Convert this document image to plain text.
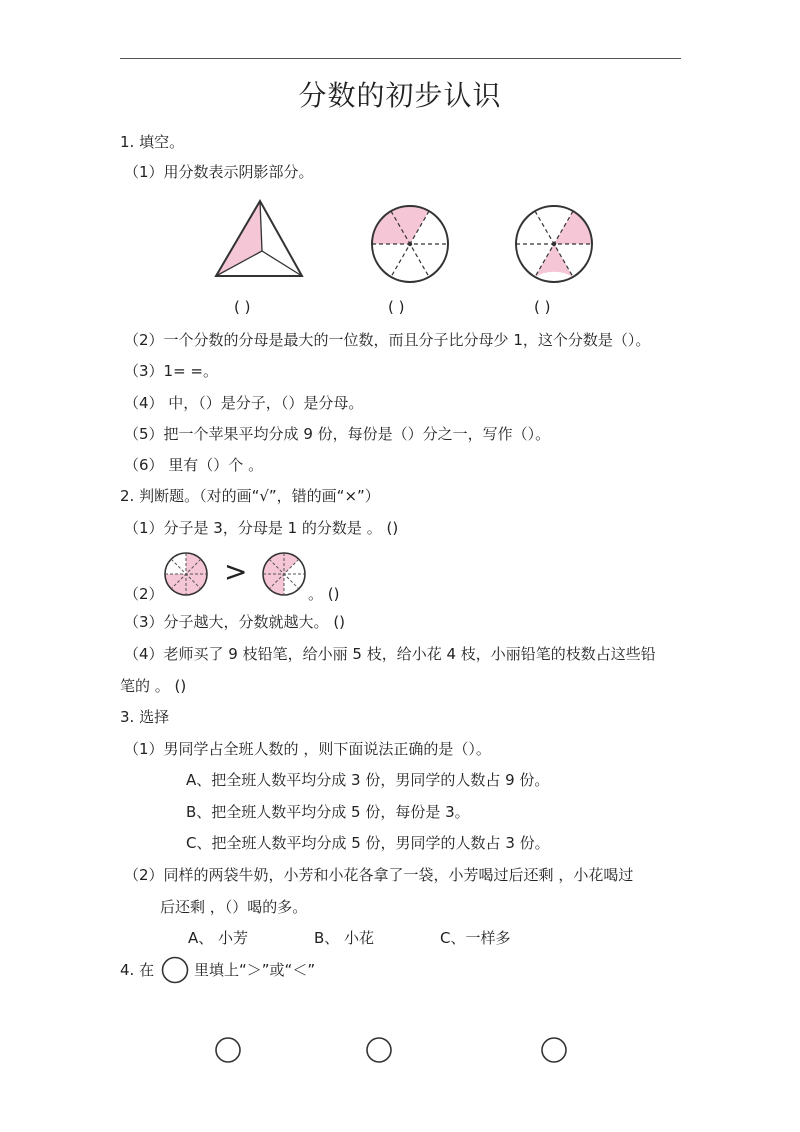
分数的初步认识
1. 填空。
（1）用分数表示阴影部分。
( )	( )	( )
（2）一个分数的分母是最大的一位数，而且分子比分母少 1，这个分数是（）。
（3）1= =。
（4） 中，（）是分子，（）是分母。
（5）把一个苹果平均分成 9 份，每份是（）分之一，写作（）。
（6） 里有（）个 。
2. 判断题。（对的画“√”，错的画“×”）
（1）分子是 3，分母是 1 的分数是 。 ()
（2）
>
。 ()
（3）分子越大，分数就越大。 ()
（4）老师买了 9 枝铅笔，给小丽 5 枝，给小花 4 枝，小丽铅笔的枝数占这些铅
笔的 。 ()
3. 选择
（1）男同学占全班人数的 ，则下面说法正确的是（）。
A、把全班人数平均分成 3 份，男同学的人数占 9 份。
B、把全班人数平均分成 5 份，每份是 3。
C、把全班人数平均分成 5 份，男同学的人数占 3 份。
（2）同样的两袋牛奶，小芳和小花各拿了一袋，小芳喝过后还剩 ，小花喝过
后还剩 ，（）喝的多。
A、 小芳	B、 小花	C、一样多
4. 在	里填上“＞”或“＜”
